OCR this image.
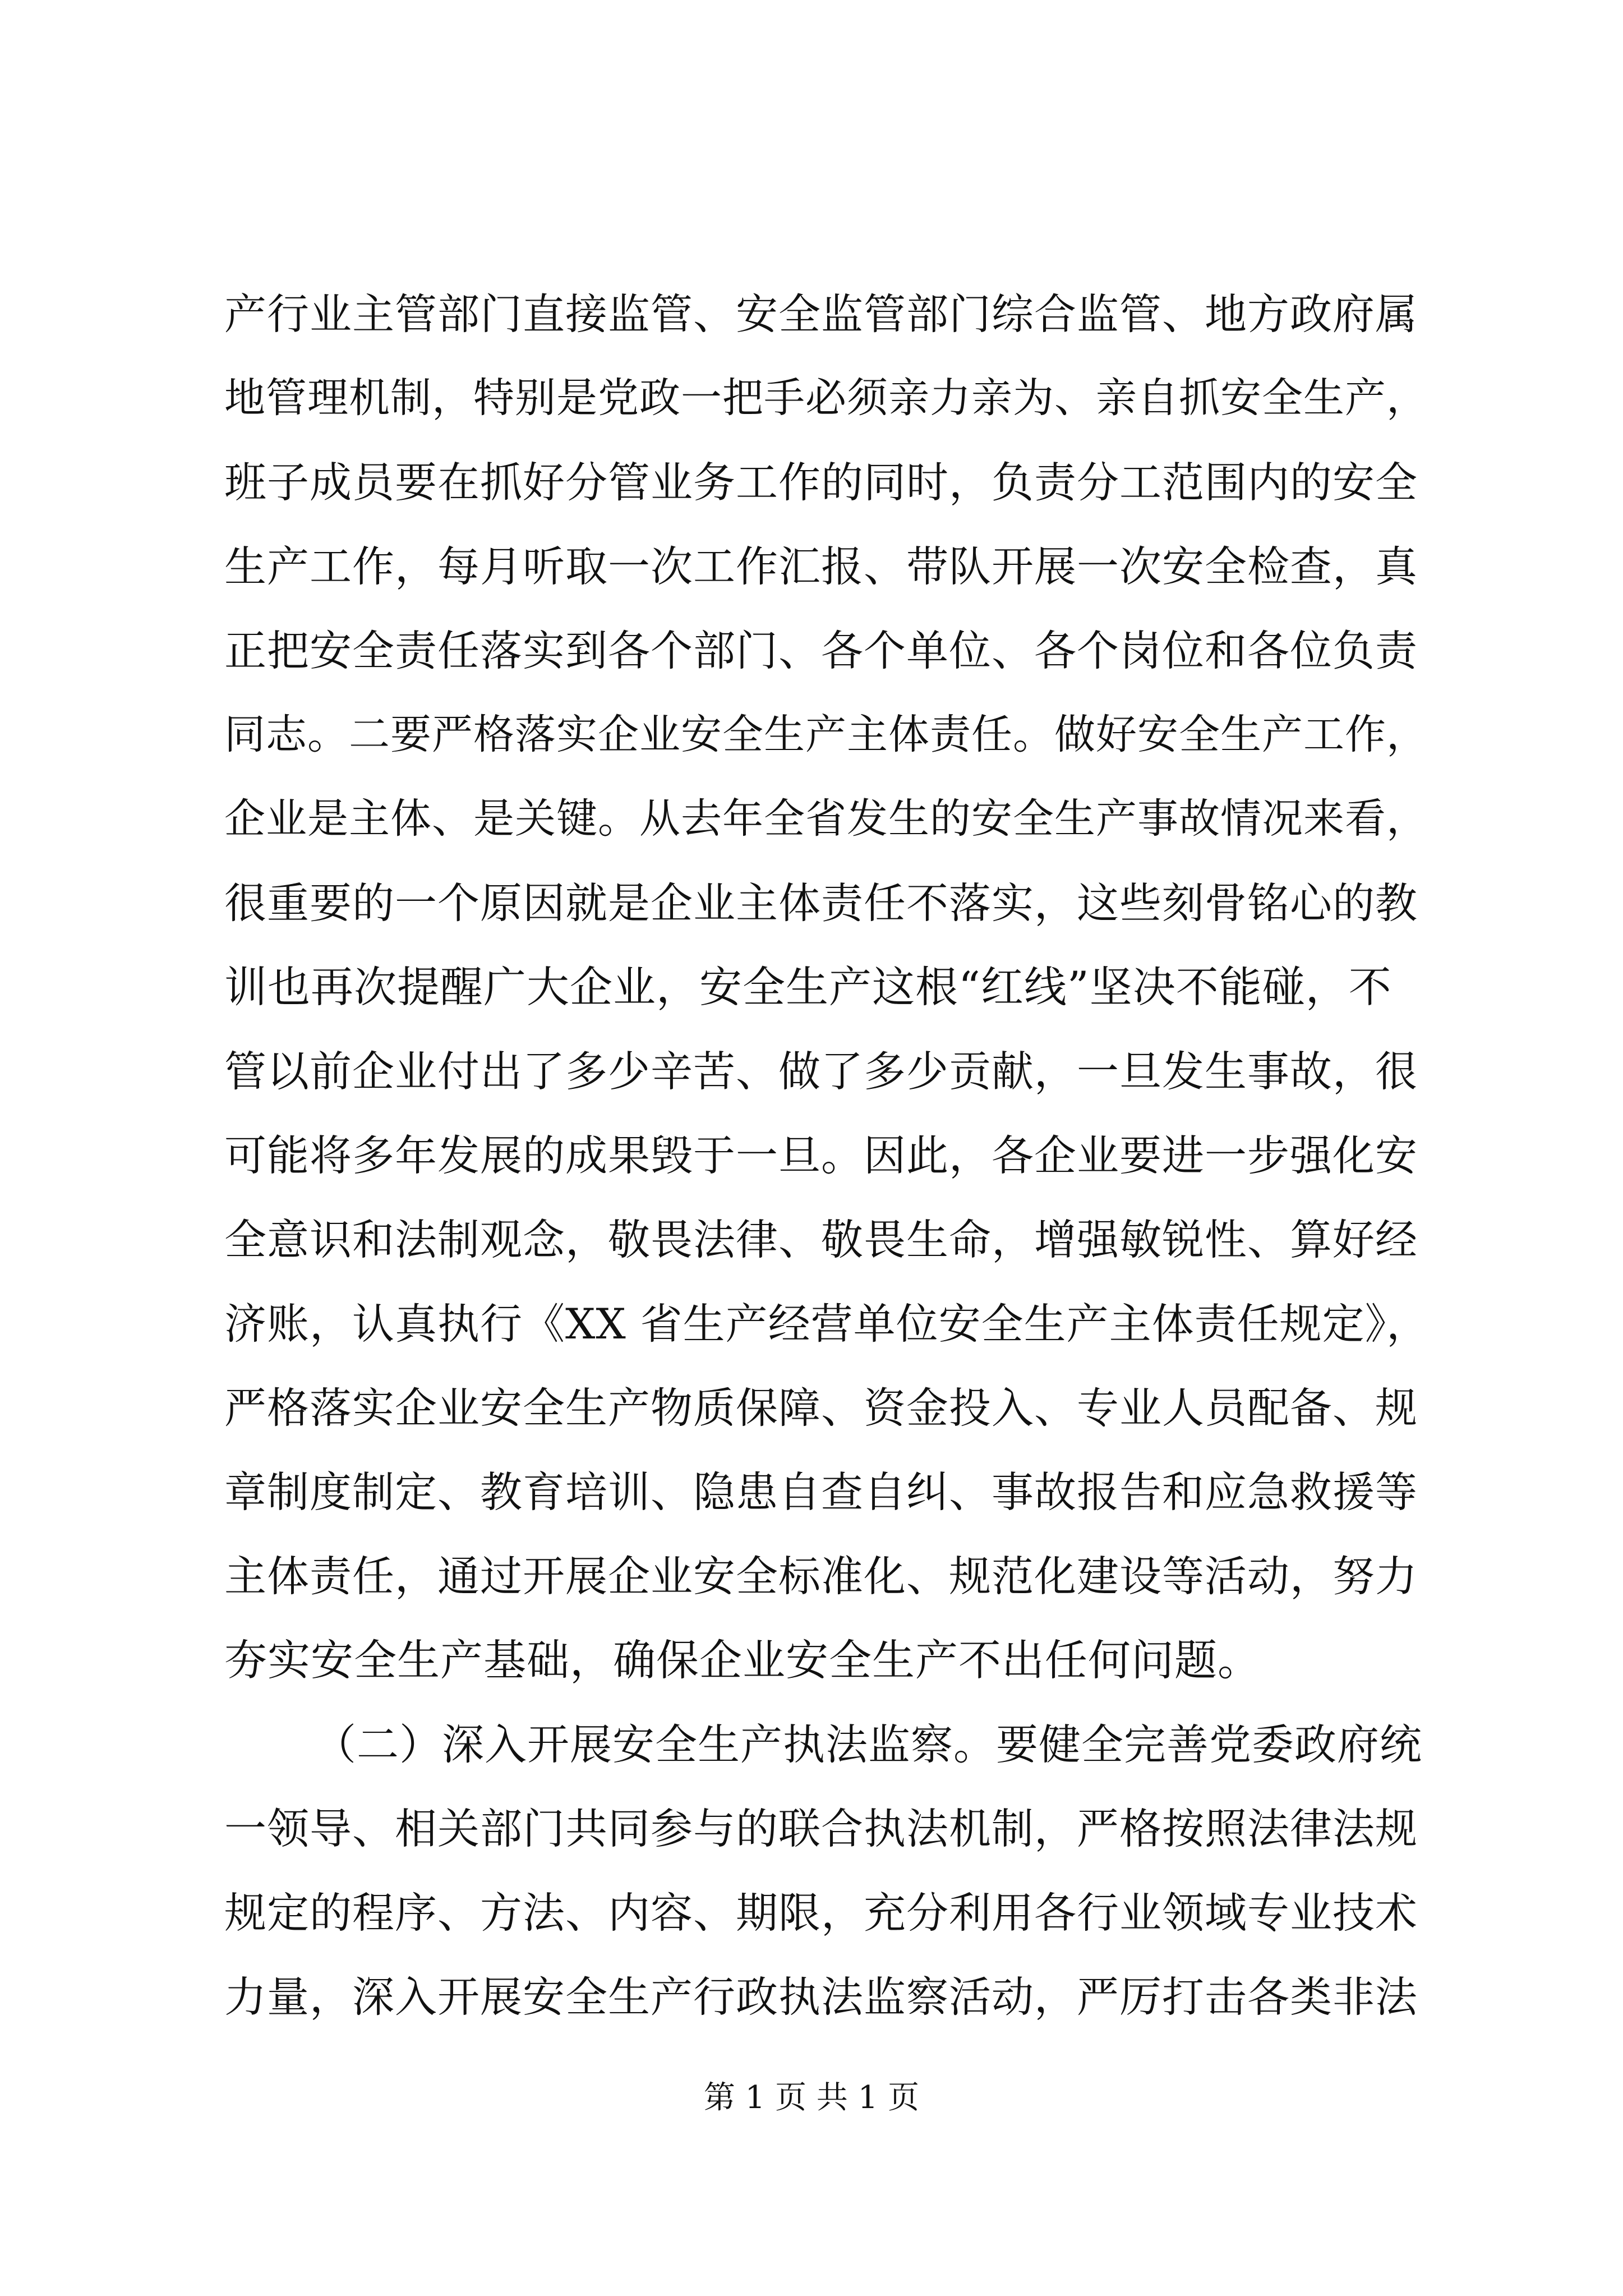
产行业主管部门直接监管、安全监管部门综合监管、地方政府属
地管理机制，特别是党政一把手必须亲力亲为、亲自抓安全生产，
班子成员要在抓好分管业务工作的同时，负责分工范围内的安全
生产工作，每月听取一次工作汇报、带队开展一次安全检查，真
正把安全责任落实到各个部门、各个单位、各个岗位和各位负责
同志。二要严格落实企业安全生产主体责任。做好安全生产工作，
企业是主体、是关键。从去年全省发生的安全生产事故情况来看，
很重要的一个原因就是企业主体责任不落实，这些刻骨铭心的教
训也再次提醒广大企业，安全生产这根“红线”坚决不能碰，不
管以前企业付出了多少辛苦、做了多少贡献，一旦发生事故，很
可能将多年发展的成果毁于一旦。因此，各企业要进一步强化安
全意识和法制观念，敬畏法律、敬畏生命，增强敏锐性、算好经
济账，认真执行《XX 省生产经营单位安全生产主体责任规定》，
严格落实企业安全生产物质保障、资金投入、专业人员配备、规
章制度制定、教育培训、隐患自查自纠、事故报告和应急救援等
主体责任，通过开展企业安全标准化、规范化建设等活动，努力
夯实安全生产基础，确保企业安全生产不出任何问题。
（二）深入开展安全生产执法监察。要健全完善党委政府统
一领导、相关部门共同参与的联合执法机制，严格按照法律法规
规定的程序、方法、内容、期限，充分利用各行业领域专业技术
力量，深入开展安全生产行政执法监察活动，严厉打击各类非法
第 1 页 共 1 页
